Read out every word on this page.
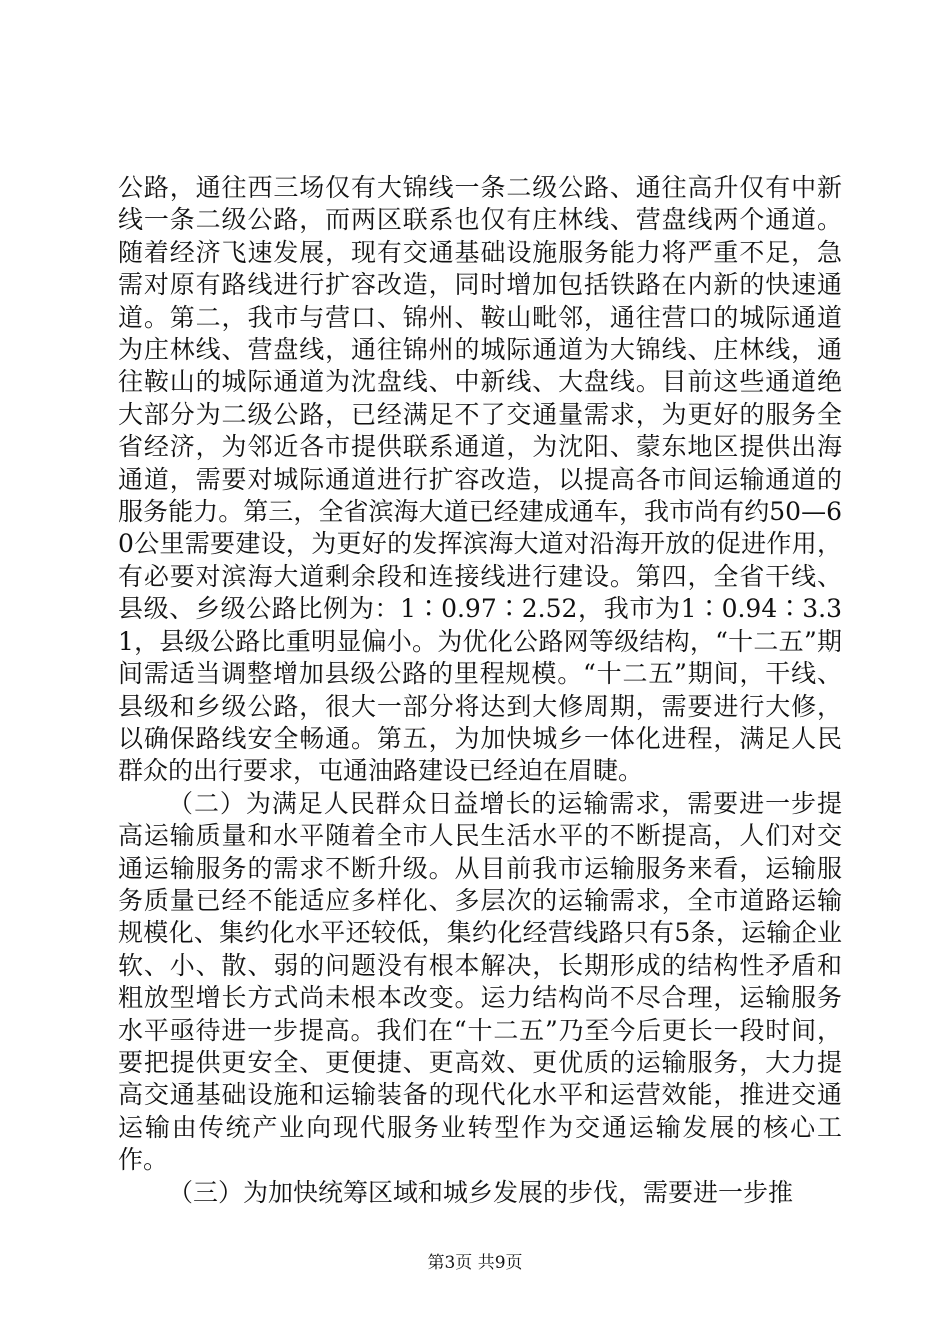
公路，通往西三场仅有大锦线一条二级公路、通往高升仅有中新线一条二级公路，而两区联系也仅有庄林线、营盘线两个通道。随着经济飞速发展，现有交通基础设施服务能力将严重不足，急需对原有路线进行扩容改造，同时增加包括铁路在内新的快速通道。第二，我市与营口、锦州、鞍山毗邻，通往营口的城际通道为庄林线、营盘线，通往锦州的城际通道为大锦线、庄林线，通往鞍山的城际通道为沈盘线、中新线、大盘线。目前这些通道绝大部分为二级公路，已经满足不了交通量需求，为更好的服务全省经济，为邻近各市提供联系通道，为沈阳、蒙东地区提供出海通道，需要对城际通道进行扩容改造，以提高各市间运输通道的服务能力。第三，全省滨海大道已经建成通车，我市尚有约50—60公里需要建设，为更好的发挥滨海大道对沿海开放的促进作用，有必要对滨海大道剩余段和连接线进行建设。第四，全省干线、县级、乡级公路比例为：1∶0.97∶2.52，我市为1∶0.94∶3.31，县级公路比重明显偏小。为优化公路网等级结构，“十二五”期间需适当调整增加县级公路的里程规模。“十二五”期间，干线、县级和乡级公路，很大一部分将达到大修周期，需要进行大修，以确保路线安全畅通。第五，为加快城乡一体化进程，满足人民群众的出行要求，屯通油路建设已经迫在眉睫。

（二）为满足人民群众日益增长的运输需求，需要进一步提高运输质量和水平随着全市人民生活水平的不断提高，人们对交通运输服务的需求不断升级。从目前我市运输服务来看，运输服务质量已经不能适应多样化、多层次的运输需求，全市道路运输规模化、集约化水平还较低，集约化经营线路只有5条，运输企业软、小、散、弱的问题没有根本解决，长期形成的结构性矛盾和粗放型增长方式尚未根本改变。运力结构尚不尽合理，运输服务水平亟待进一步提高。我们在“十二五”乃至今后更长一段时间，要把提供更安全、更便捷、更高效、更优质的运输服务，大力提高交通基础设施和运输装备的现代化水平和运营效能，推进交通运输由传统产业向现代服务业转型作为交通运输发展的核心工作。

（三）为加快统筹区域和城乡发展的步伐，需要进一步推

第3页 共9页
